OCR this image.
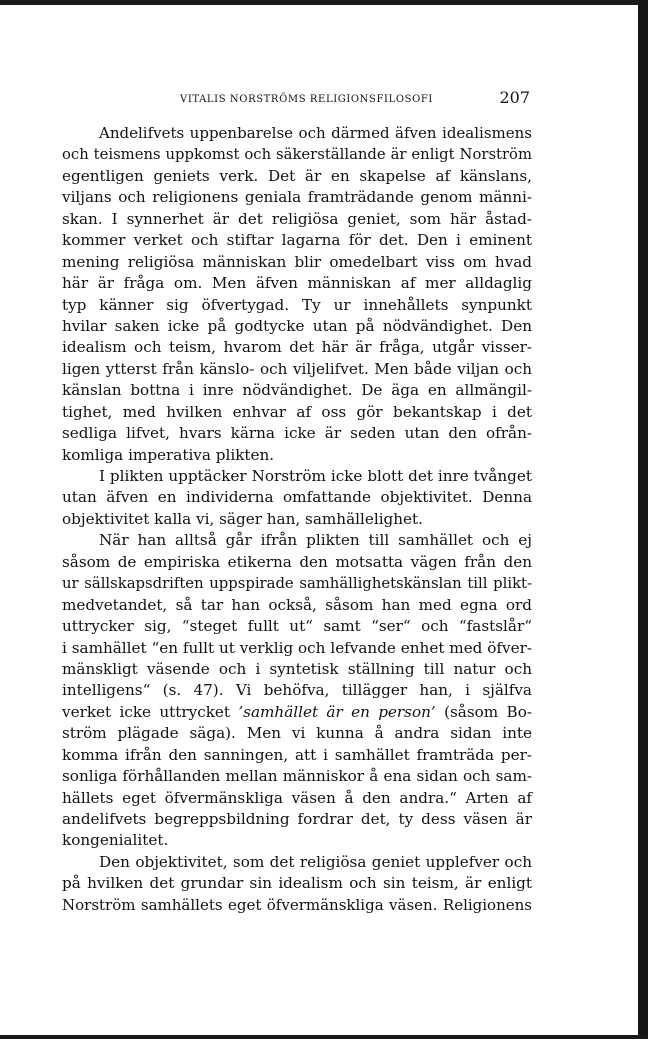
VITALIS NORSTRÖMS RELIGIONSFILOSOFI	207
Andelifvets uppenbarelse och därmed äfven idealismens
och teismens uppkomst och säkerställande är enligt Norström
egentligen geniets verk. Det är en skapelse af känslans,
viljans och religionens geniala framträdande genom männi-
skan. I synnerhet är det religiösa geniet, som här åstad-
kommer verket och stiftar lagarna för det. Den i eminent
mening religiösa människan blir omedelbart viss om hvad
här är fråga om. Men äfven människan af mer alldaglig
typ känner sig öfvertygad. Ty ur innehållets synpunkt
hvilar saken icke på godtycke utan på nödvändighet. Den
idealism och teism, hvarom det här är fråga, utgår visser-
ligen ytterst från känslo- och viljelifvet. Men både viljan och
känslan bottna i inre nödvändighet. De äga en allmängil-
tighet, med hvilken enhvar af oss gör bekantskap i det
sedliga lifvet, hvars kärna icke är seden utan den ofrån-
komliga imperativa plikten.
I plikten upptäcker Norström icke blott det inre tvånget
utan äfven en individerna omfattande objektivitet. Denna
objektivitet kalla vi, säger han, samhällelighet.
När han alltså går ifrån plikten till samhället och ej
såsom de empiriska etikerna den motsatta vägen från den
ur sällskapsdriften uppspirade samhällighetskänslan till plikt-
medvetandet, så tar han också, såsom han med egna ord
uttrycker sig, “steget fullt ut“ samt “ser“ och “fastslår“
i samhället “en fullt ut verklig och lefvande enhet med öfver-
mänskligt väsende och i syntetisk ställning till natur och
intelligens“ (s. 47). Vi behöfva, tillägger han, i själfva
verket icke uttrycket ’samhället är en person’ (såsom Bo-
ström plägade säga). Men vi kunna å andra sidan inte
komma ifrån den sanningen, att i samhället framträda per-
sonliga förhållanden mellan människor å ena sidan och sam-
hällets eget öfvermänskliga väsen å den andra.“ Arten af
andelifvets begreppsbildning fordrar det, ty dess väsen är
kongenialitet.
Den objektivitet, som det religiösa geniet upplefver och
på hvilken det grundar sin idealism och sin teism, är enligt
Norström samhällets eget öfvermänskliga väsen. Religionens
